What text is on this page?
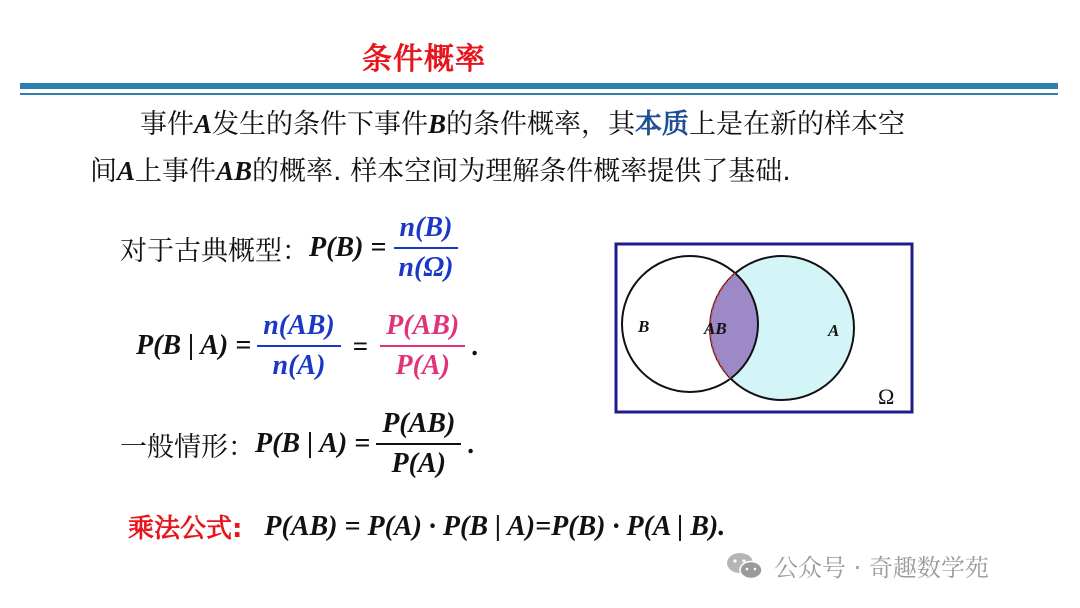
条件概率
事件A发生的条件下事件B的条件概率，其本质上是在新的样本空
间A上事件AB的概率. 样本空间为理解条件概率提供了基础.
对于古典概型： $P(B) = \frac{n(B)}{n(\Omega)}$
P(B | $A) = \frac{n(AB)}{n(A)} = \frac{P(AB)}{P(A)}$ .
一般情形： P(B | $A) = \frac{P(AB)}{P(A)}$ .
乘法公式: P(AB) = P(A) · P(B | A)=P(B) · P(A | B).
B	AB	A
Ω
公众号 · 奇趣数学苑
